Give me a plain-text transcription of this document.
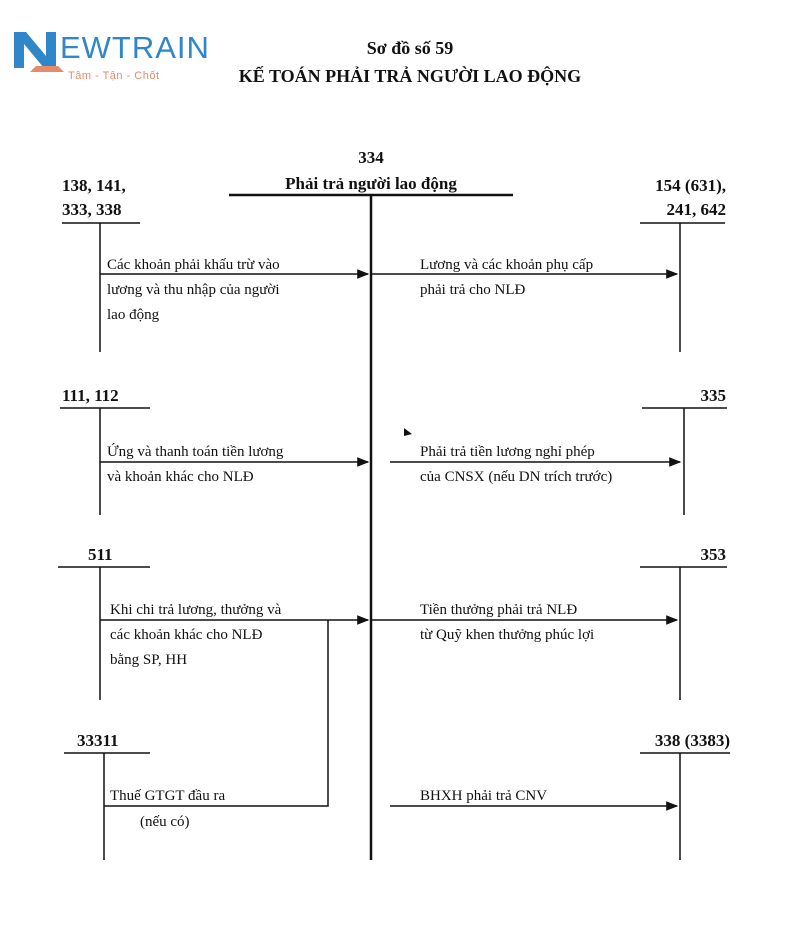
EWTRAIN
Tâm - Tận - Chốt
Sơ đồ số 59
KẾ TOÁN PHẢI TRẢ NGƯỜI LAO ĐỘNG
334
Phải trả người lao động
138, 141,
333, 338
111, 112
511
33311
154 (631),
241, 642
335
353
338 (3383)
Các khoản phải khấu trừ vào
lương và thu nhập của người
lao động
Ứng và thanh toán tiền lương
và khoản khác cho NLĐ
Khi chi trả lương, thưởng và
các khoản khác cho NLĐ
bằng SP, HH
Thuế GTGT đầu ra
(nếu có)
Lương và các khoản phụ cấp
phải trả cho NLĐ
Phải trả tiền lương nghỉ phép
của CNSX (nếu DN trích trước)
Tiền thưởng phải trả NLĐ
từ Quỹ khen thưởng phúc lợi
BHXH phải trả CNV
